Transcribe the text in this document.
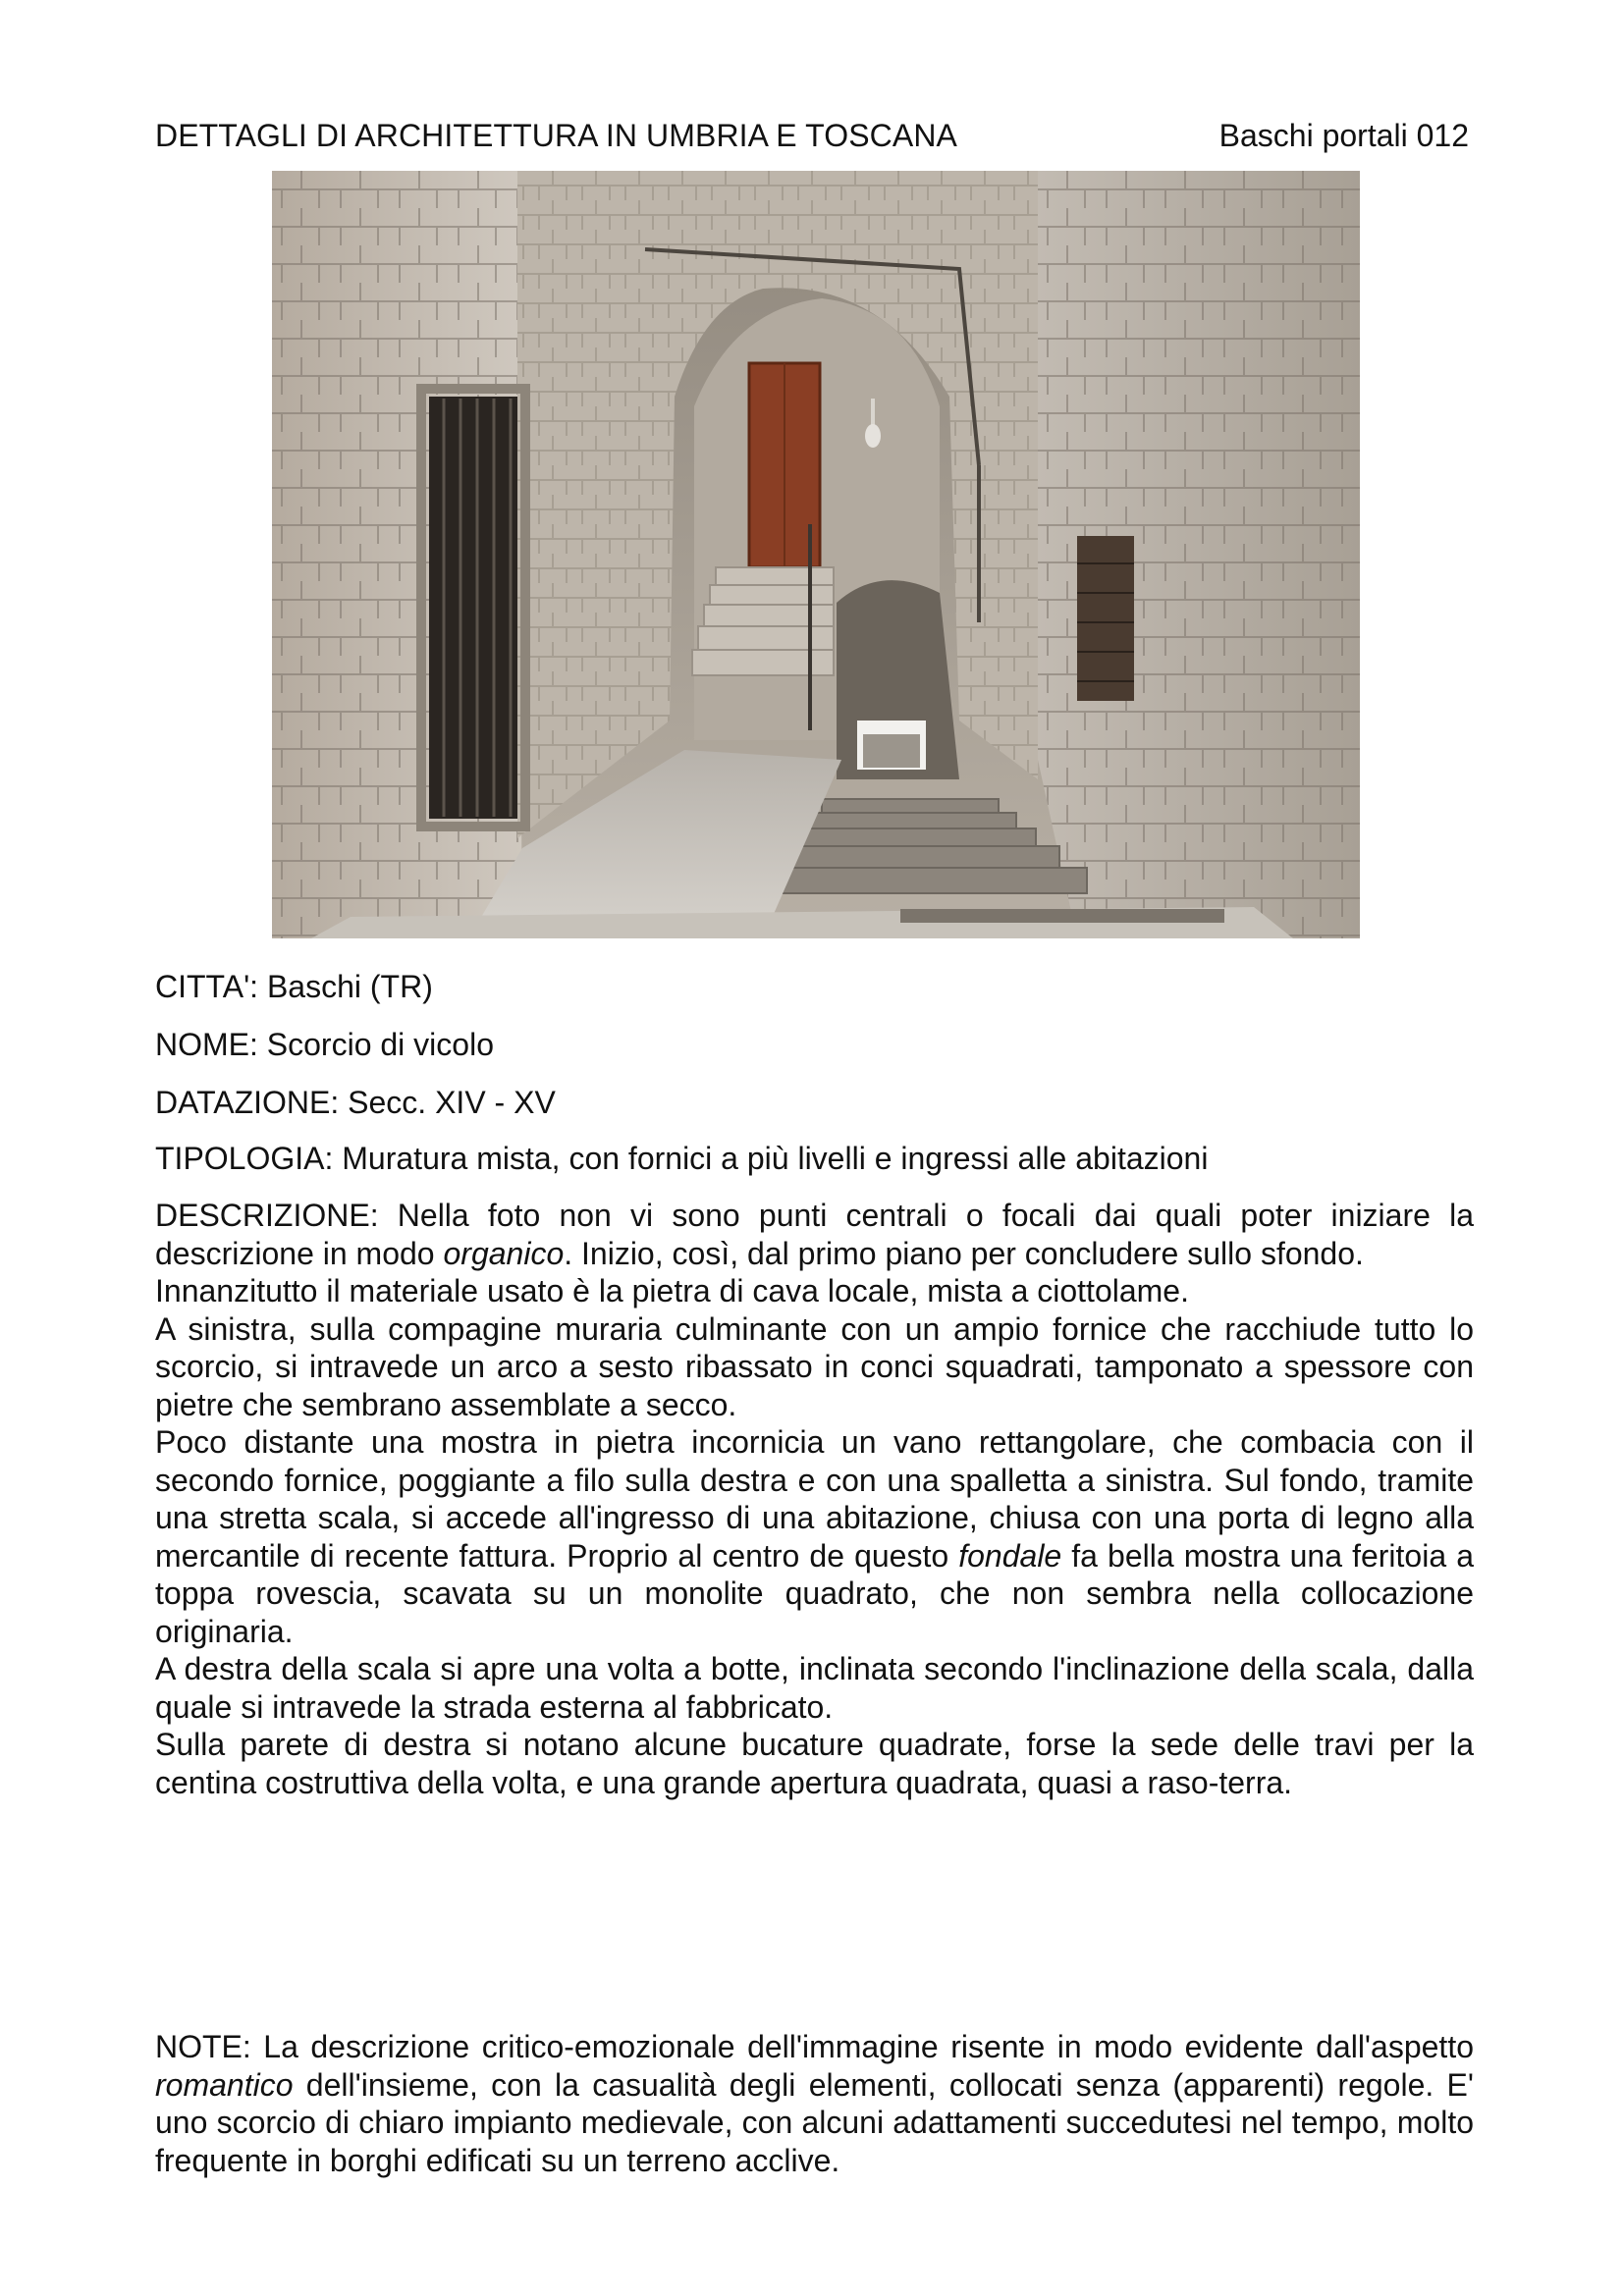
DETTAGLI DI ARCHITETTURA IN UMBRIA E TOSCANA	Baschi portali 012
CITTA': Baschi (TR)
NOME: Scorcio di vicolo
DATAZIONE: Secc. XIV - XV
TIPOLOGIA: Muratura mista, con fornici a più livelli e ingressi alle abitazioni

DESCRIZIONE: Nella foto non vi sono punti centrali o focali dai quali poter iniziare la descrizione in modo organico. Inizio, così, dal primo piano per concludere sullo sfondo.

Innanzitutto il materiale usato è la pietra di cava locale, mista a ciottolame.

A sinistra, sulla compagine muraria culminante con un ampio fornice che racchiude tutto lo scorcio, si intravede un arco a sesto ribassato in conci squadrati, tamponato a spessore con pietre che sembrano assemblate a secco.

Poco distante una mostra in pietra incornicia un vano rettangolare, che combacia con il secondo fornice, poggiante a filo sulla destra e con una spalletta a sinistra. Sul fondo, tramite una stretta scala, si accede all'ingresso di una abitazione, chiusa con una porta di legno alla mercantile di recente fattura. Proprio al centro de questo fondale fa bella mostra una feritoia a toppa rovescia, scavata su un monolite quadrato, che non sembra nella collocazione originaria.

A destra della scala si apre una volta a botte, inclinata secondo l'inclinazione della scala, dalla quale si intravede la strada esterna al fabbricato.

Sulla parete di destra si notano alcune bucature quadrate, forse la sede delle travi per la centina costruttiva della volta, e una grande apertura quadrata, quasi a raso-terra.

NOTE: La descrizione critico-emozionale dell'immagine risente in modo evidente dall'aspetto romantico dell'insieme, con la casualità degli elementi, collocati senza (apparenti) regole. E' uno scorcio di chiaro impianto medievale, con alcuni adattamenti succedutesi nel tempo, molto frequente in borghi edificati su un terreno acclive.
